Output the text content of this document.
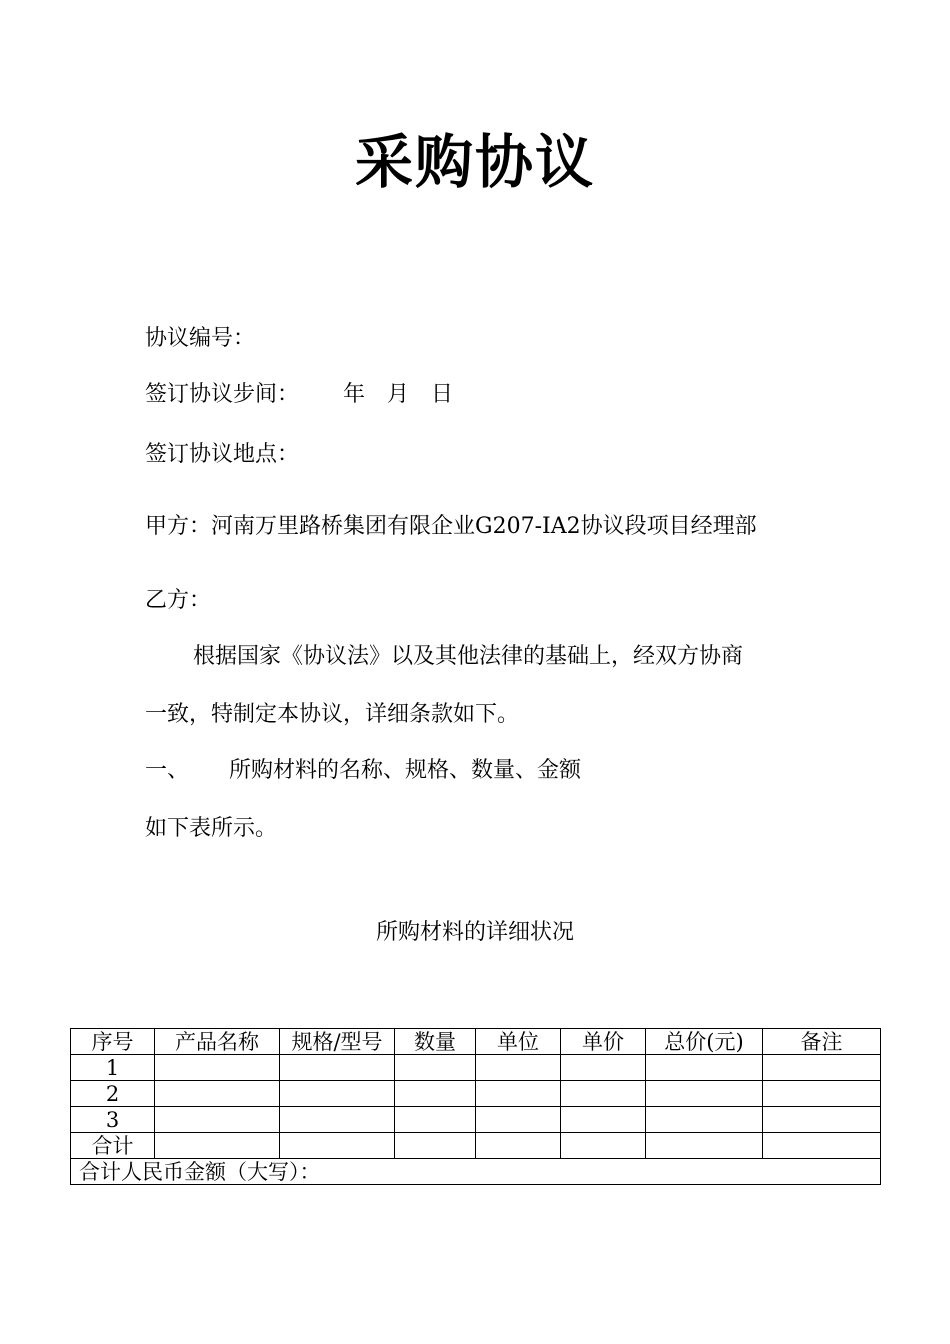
采购协议
协议编号：
签订协议步间： 年 月 日
签订协议地点：
甲方：河南万里路桥集团有限企业G207-IA2协议段项目经理部
乙方：
根据国家《协议法》以及其他法律的基础上，经双方协商
一致，特制定本协议，详细条款如下。
一、 所购材料的名称、规格、数量、金额
如下表所示。
所购材料的详细状况
序号	产品名称	规格/型号	数量	单位	单价	总价(元)	备注
1							
2							
3							
合计							
合计人民币金额（大写）：							
